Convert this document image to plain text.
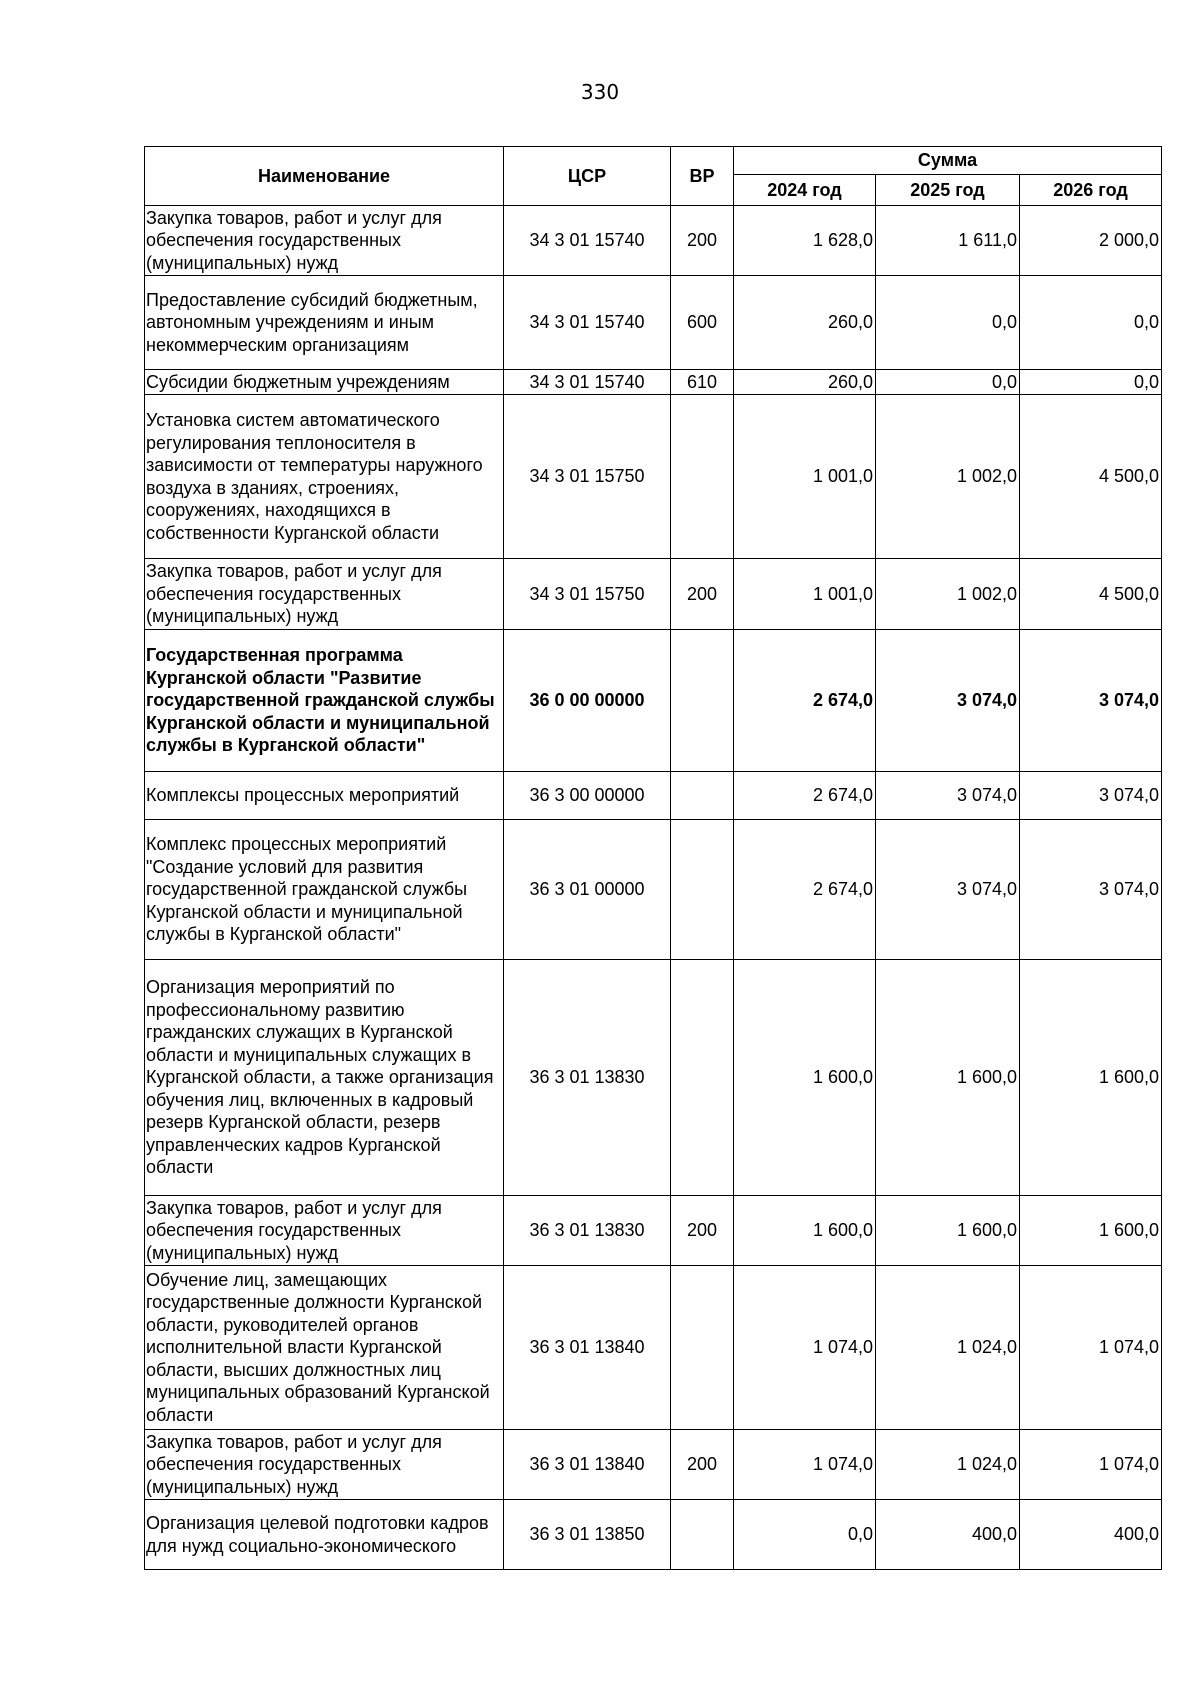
330
Наименование	ЦСР	ВР	Сумма		
			2024 год	2025 год	2026 год
Закупка товаров, работ и услуг для обеспечения государственных (муниципальных) нужд	34 3 01 15740	200	1 628,0	1 611,0	2 000,0
Предоставление субсидий бюджетным, автономным учреждениям и иным некоммерческим организациям	34 3 01 15740	600	260,0	0,0	0,0
Субсидии бюджетным учреждениям	34 3 01 15740	610	260,0	0,0	0,0
Установка систем автоматического регулирования теплоносителя в зависимости от температуры наружного воздуха в зданиях, строениях, сооружениях, находящихся в собственности Курганской области	34 3 01 15750		1 001,0	1 002,0	4 500,0
Закупка товаров, работ и услуг для обеспечения государственных (муниципальных) нужд	34 3 01 15750	200	1 001,0	1 002,0	4 500,0
Государственная программа Курганской области "Развитие государственной гражданской службы Курганской области и муниципальной службы в Курганской области"	36 0 00 00000		2 674,0	3 074,0	3 074,0
Комплексы процессных мероприятий	36 3 00 00000		2 674,0	3 074,0	3 074,0
Комплекс процессных мероприятий "Создание условий для развития государственной гражданской службы Курганской области и муниципальной службы в Курганской области"	36 3 01 00000		2 674,0	3 074,0	3 074,0
Организация мероприятий по профессиональному развитию гражданских служащих в Курганской области и муниципальных служащих в Курганской области, а также организация обучения лиц, включенных в кадровый резерв Курганской области, резерв управленческих кадров Курганской области	36 3 01 13830		1 600,0	1 600,0	1 600,0
Закупка товаров, работ и услуг для обеспечения государственных (муниципальных) нужд	36 3 01 13830	200	1 600,0	1 600,0	1 600,0
Обучение лиц, замещающих государственные должности Курганской области, руководителей органов исполнительной власти Курганской области, высших должностных лиц муниципальных образований Курганской области	36 3 01 13840		1 074,0	1 024,0	1 074,0
Закупка товаров, работ и услуг для обеспечения государственных (муниципальных) нужд	36 3 01 13840	200	1 074,0	1 024,0	1 074,0
Организация целевой подготовки кадров для нужд социально-экономического	36 3 01 13850		0,0	400,0	400,0
